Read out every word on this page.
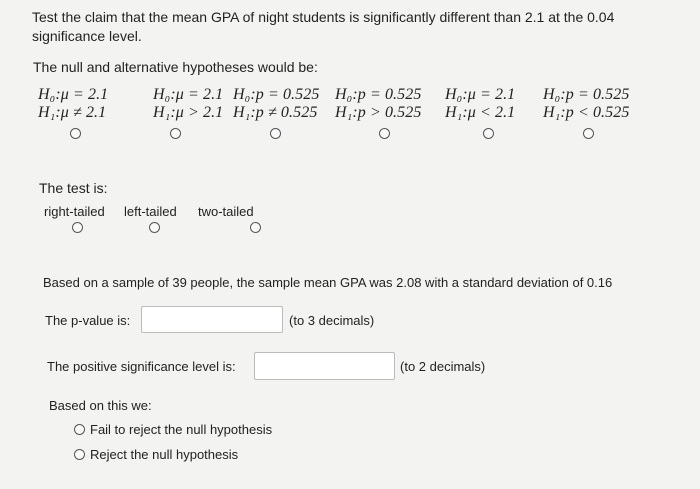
Test the claim that the mean GPA of night students is significantly different than 2.1 at the 0.04 significance level.
The null and alternative hypotheses would be:
H₀:μ = 2.1
H₁:μ ≠ 2.1
H₀:μ = 2.1
H₁:μ > 2.1
H₀:p = 0.525
H₁:p ≠ 0.525
H₀:p = 0.525
H₁:p > 0.525
H₀:μ = 2.1
H₁:μ < 2.1
H₀:p = 0.525
H₁:p < 0.525
The test is:
right-tailed left-tailed two-tailed
Based on a sample of 39 people, the sample mean GPA was 2.08 with a standard deviation of 0.16
The p-value is:	(to 3 decimals)
The positive significance level is:	(to 2 decimals)
Based on this we:
Fail to reject the null hypothesis
Reject the null hypothesis
